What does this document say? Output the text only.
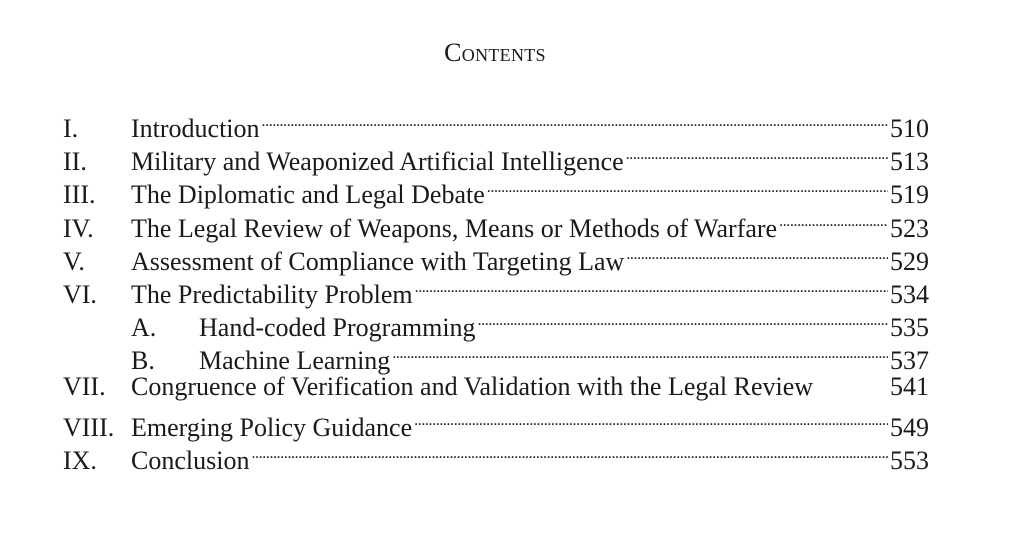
Contents
I.	Introduction . . .	510
II.	Military and Weaponized Artificial Intelligence . . .	513
III.	The Diplomatic and Legal Debate . . .	519
IV.	The Legal Review of Weapons, Means or Methods of Warfare . . .	523
V.	Assessment of Compliance with Targeting Law . . .	529
VI.	The Predictability Problem . . .	534
A.	Hand-coded Programming . . .	535
B.	Machine Learning . . .	537
VII. Congruence of Verification and Validation with the Legal Review	541
VIII. Emerging Policy Guidance . . .	549
IX.	Conclusion . . .	553
